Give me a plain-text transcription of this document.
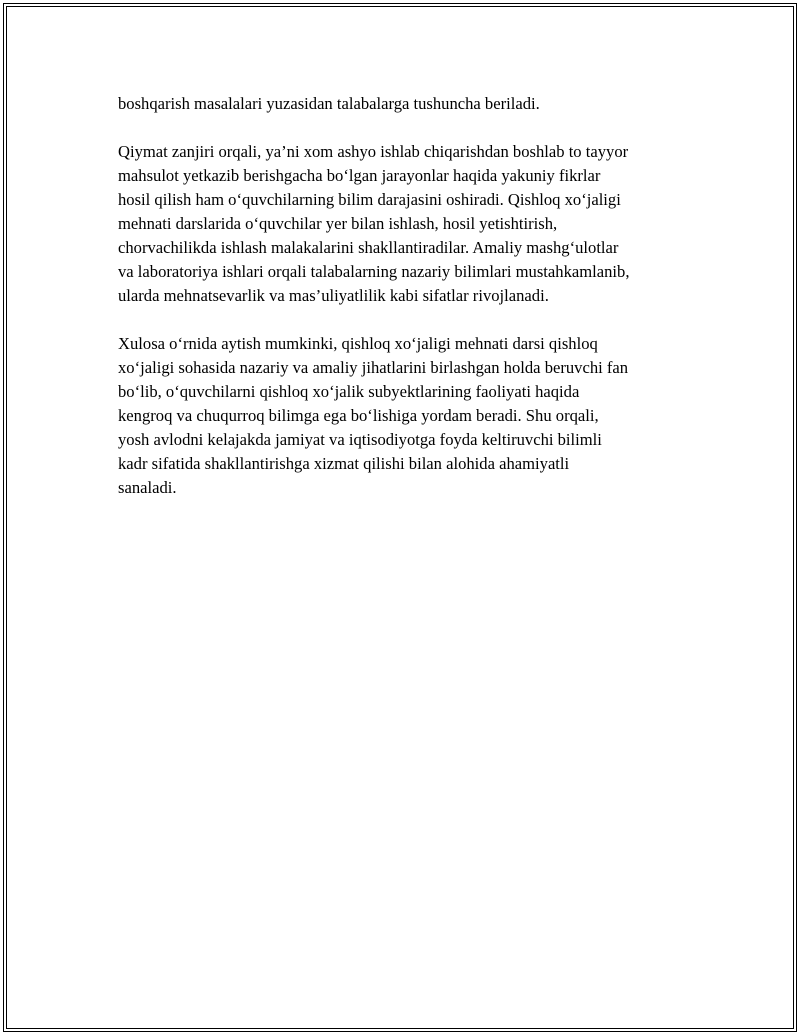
boshqarish masalalari yuzasidan talabalarga tushuncha beriladi.

Qiymat zanjiri orqali, ya’ni xom ashyo ishlab chiqarishdan boshlab to tayyor
mahsulot yetkazib berishgacha bo‘lgan jarayonlar haqida yakuniy fikrlar
hosil qilish ham o‘quvchilarning bilim darajasini oshiradi. Qishloq xo‘jaligi
mehnati darslarida o‘quvchilar yer bilan ishlash, hosil yetishtirish,
chorvachilikda ishlash malakalarini shakllantiradilar. Amaliy mashg‘ulotlar
va laboratoriya ishlari orqali talabalarning nazariy bilimlari mustahkamlanib,
ularda mehnatsevarlik va mas’uliyatlilik kabi sifatlar rivojlanadi.

Xulosa o‘rnida aytish mumkinki, qishloq xo‘jaligi mehnati darsi qishloq
xo‘jaligi sohasida nazariy va amaliy jihatlarini birlashgan holda beruvchi fan
bo‘lib, o‘quvchilarni qishloq xo‘jalik subyektlarining faoliyati haqida
kengroq va chuqurroq bilimga ega bo‘lishiga yordam beradi. Shu orqali,
yosh avlodni kelajakda jamiyat va iqtisodiyotga foyda keltiruvchi bilimli
kadr sifatida shakllantirishga xizmat qilishi bilan alohida ahamiyatli
sanaladi.
